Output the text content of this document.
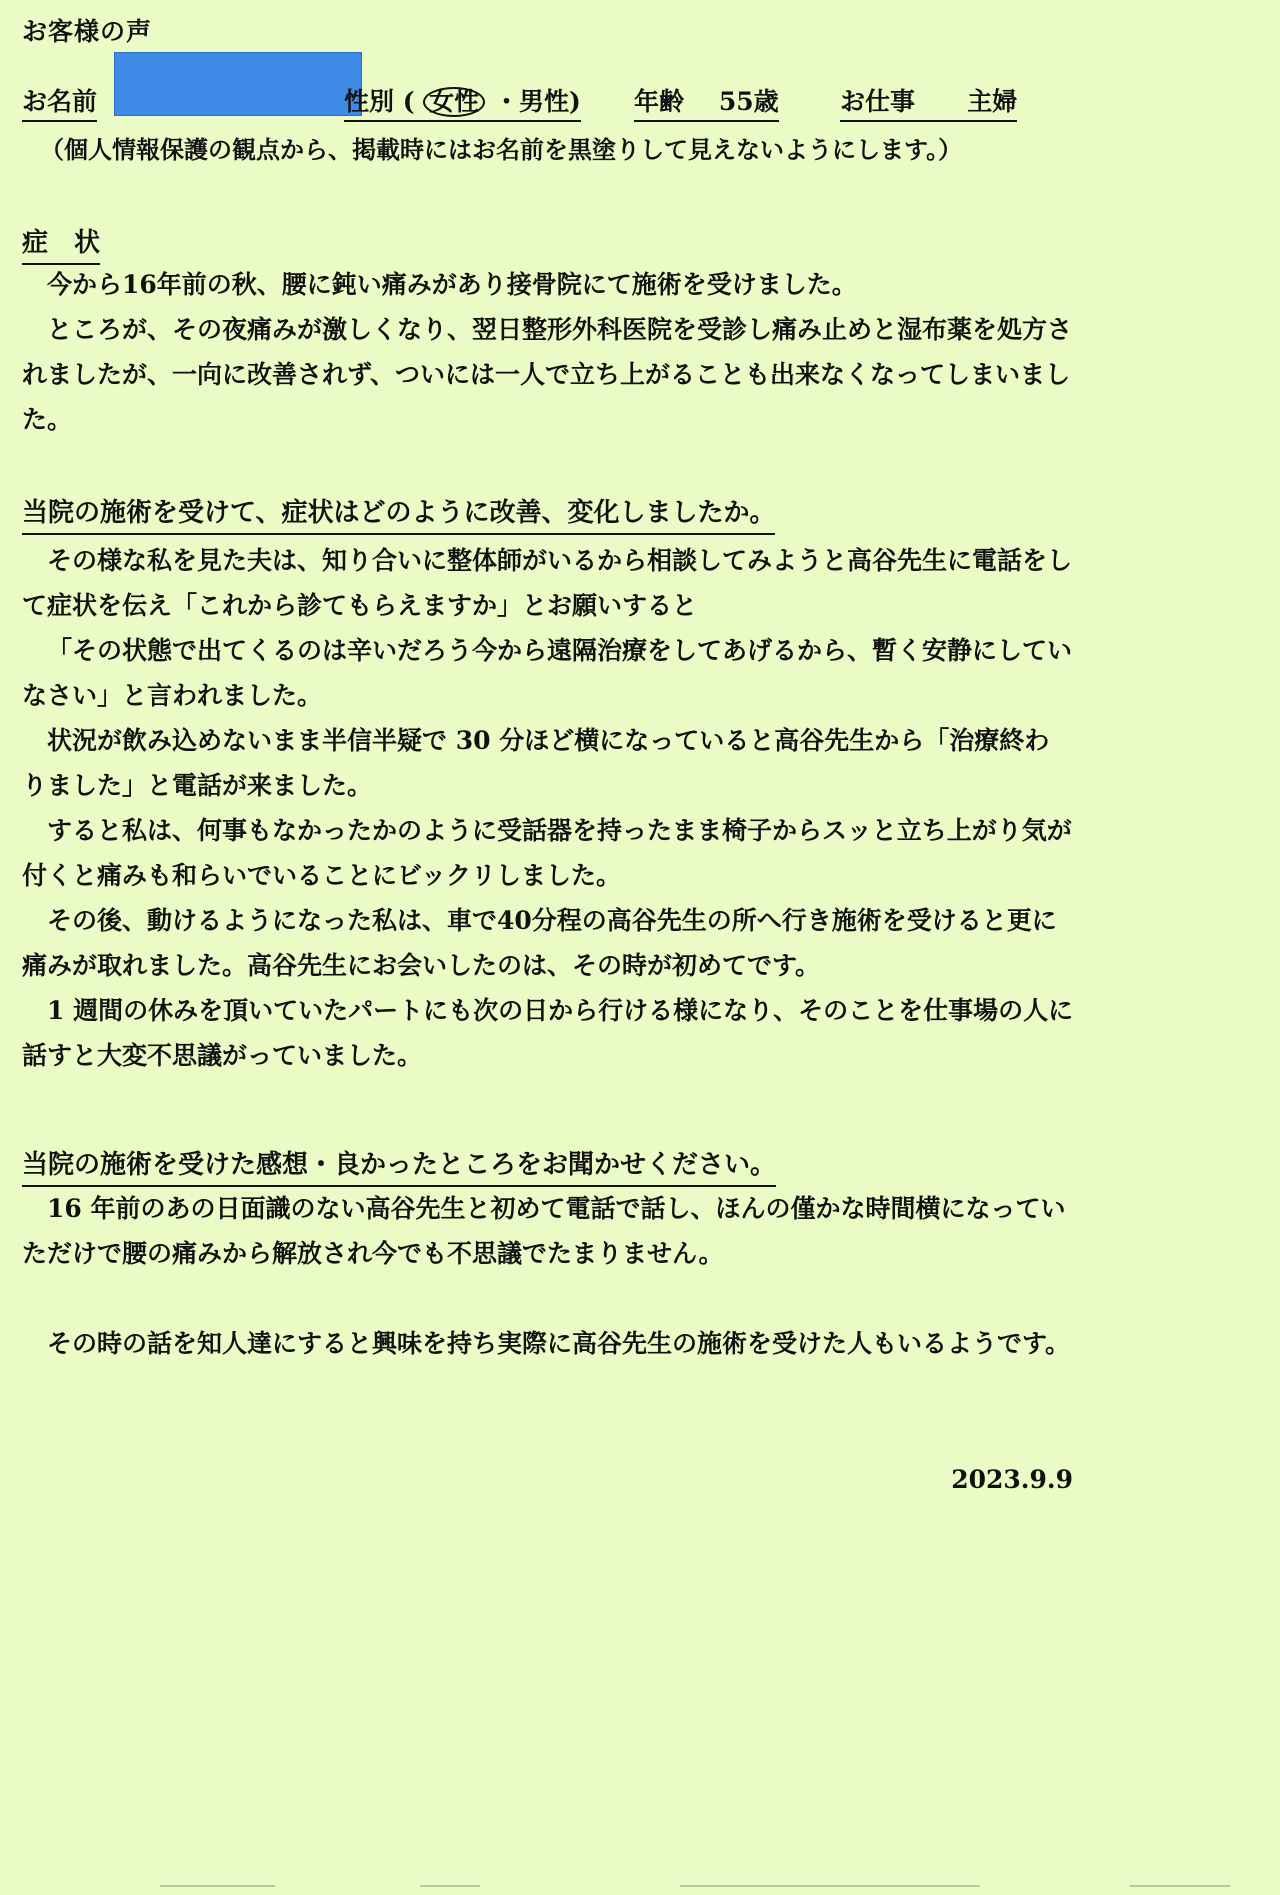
お客様の声
お名前	性別 ( 女性 ・男性) 年齢 55歳 お仕事 主婦
（個人情報保護の観点から、掲載時にはお名前を黒塗りして見えないようにします。）
症　状

今から16年前の秋、腰に鈍い痛みがあり接骨院にて施術を受けました。

ところが、その夜痛みが激しくなり、翌日整形外科医院を受診し痛み止めと湿布薬を処方されましたが、一向に改善されず、ついには一人で立ち上がることも出来なくなってしまいました。

当院の施術を受けて、症状はどのように改善、変化しましたか。

その様な私を見た夫は、知り合いに整体師がいるから相談してみようと高谷先生に電話をして症状を伝え「これから診てもらえますか」とお願いすると

「その状態で出てくるのは辛いだろう今から遠隔治療をしてあげるから、暫く安静にしていなさい」と言われました。

状況が飲み込めないまま半信半疑で 30 分ほど横になっていると高谷先生から「治療終わりました」と電話が来ました。

すると私は、何事もなかったかのように受話器を持ったまま椅子からスッと立ち上がり気が付くと痛みも和らいでいることにビックリしました。

その後、動けるようになった私は、車で40分程の高谷先生の所へ行き施術を受けると更に痛みが取れました。高谷先生にお会いしたのは、その時が初めてです。

1 週間の休みを頂いていたパートにも次の日から行ける様になり、そのことを仕事場の人に話すと大変不思議がっていました。

当院の施術を受けた感想・良かったところをお聞かせください。

16 年前のあの日面識のない高谷先生と初めて電話で話し、ほんの僅かな時間横になっていただけで腰の痛みから解放され今でも不思議でたまりません。

その時の話を知人達にすると興味を持ち実際に高谷先生の施術を受けた人もいるようです。

2023.9.9
